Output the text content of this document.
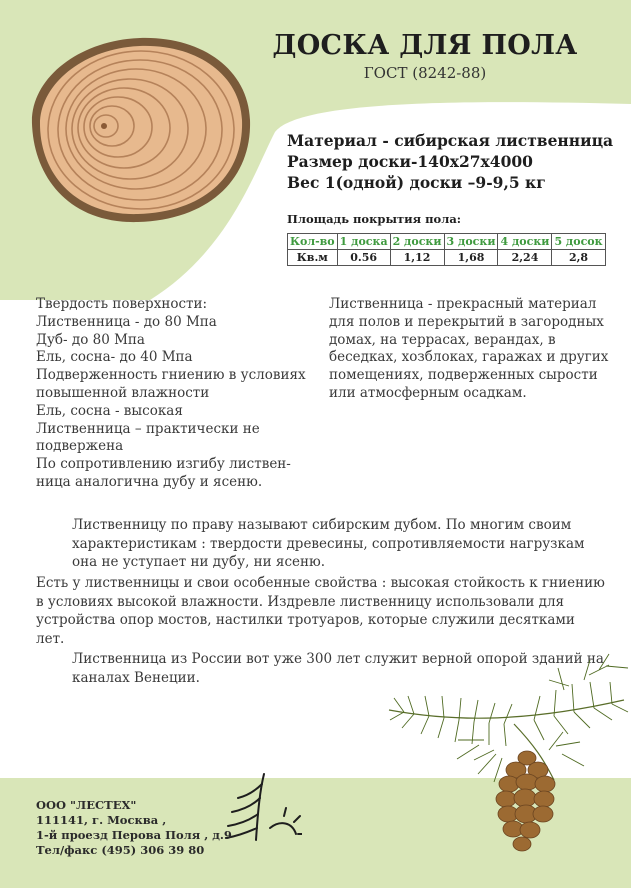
ДОСКА ДЛЯ ПОЛА
ГОСТ (8242-88)
Материал - сибирская лиственница
Размер доски-140х27х4000
Вес 1(одной) доски –9-9,5 кг
Площадь покрытия пола:
Кол-во	1 доска	2 доски	3 доски	4 доски	5 досок
Кв.м	0.56	1,12	1,68	2,24	2,8
Твердость поверхности:
Лиственница - до 80 Мпа
Дуб- до 80 Мпа
Ель, сосна- до 40 Мпа
Подверженность гниению в условиях повышенной влажности
Ель, сосна - высокая
Лиственница – практически не подвержена
По сопротивлению изгибу листвен-ница аналогична дубу и ясеню.
Лиственница - прекрасный материал для полов и перекрытий в загородных домах, на террасах, верандах, в беседках, хозблоках, гаражах и других помещениях, подверженных сырости или атмосферным осадкам.
Лиственницу по праву называют сибирским дубом. По многим своим характеристикам : твердости древесины, сопротивляемости нагрузкам она не уступает ни дубу, ни ясеню.
Есть у лиственницы и свои особенные свойства : высокая стойкость к гниению в условиях высокой влажности. Издревле лиственницу использовали для устройства опор мостов, настилки тротуаров, которые служили десятками лет.
Лиственница из России вот уже 300 лет служит верной опорой зданий на каналах Венеции.
ООО "ЛЕСТЕХ"
111141, г. Москва ,
1-й проезд Перова Поля , д.9
Тел/факс (495) 306 39 80
